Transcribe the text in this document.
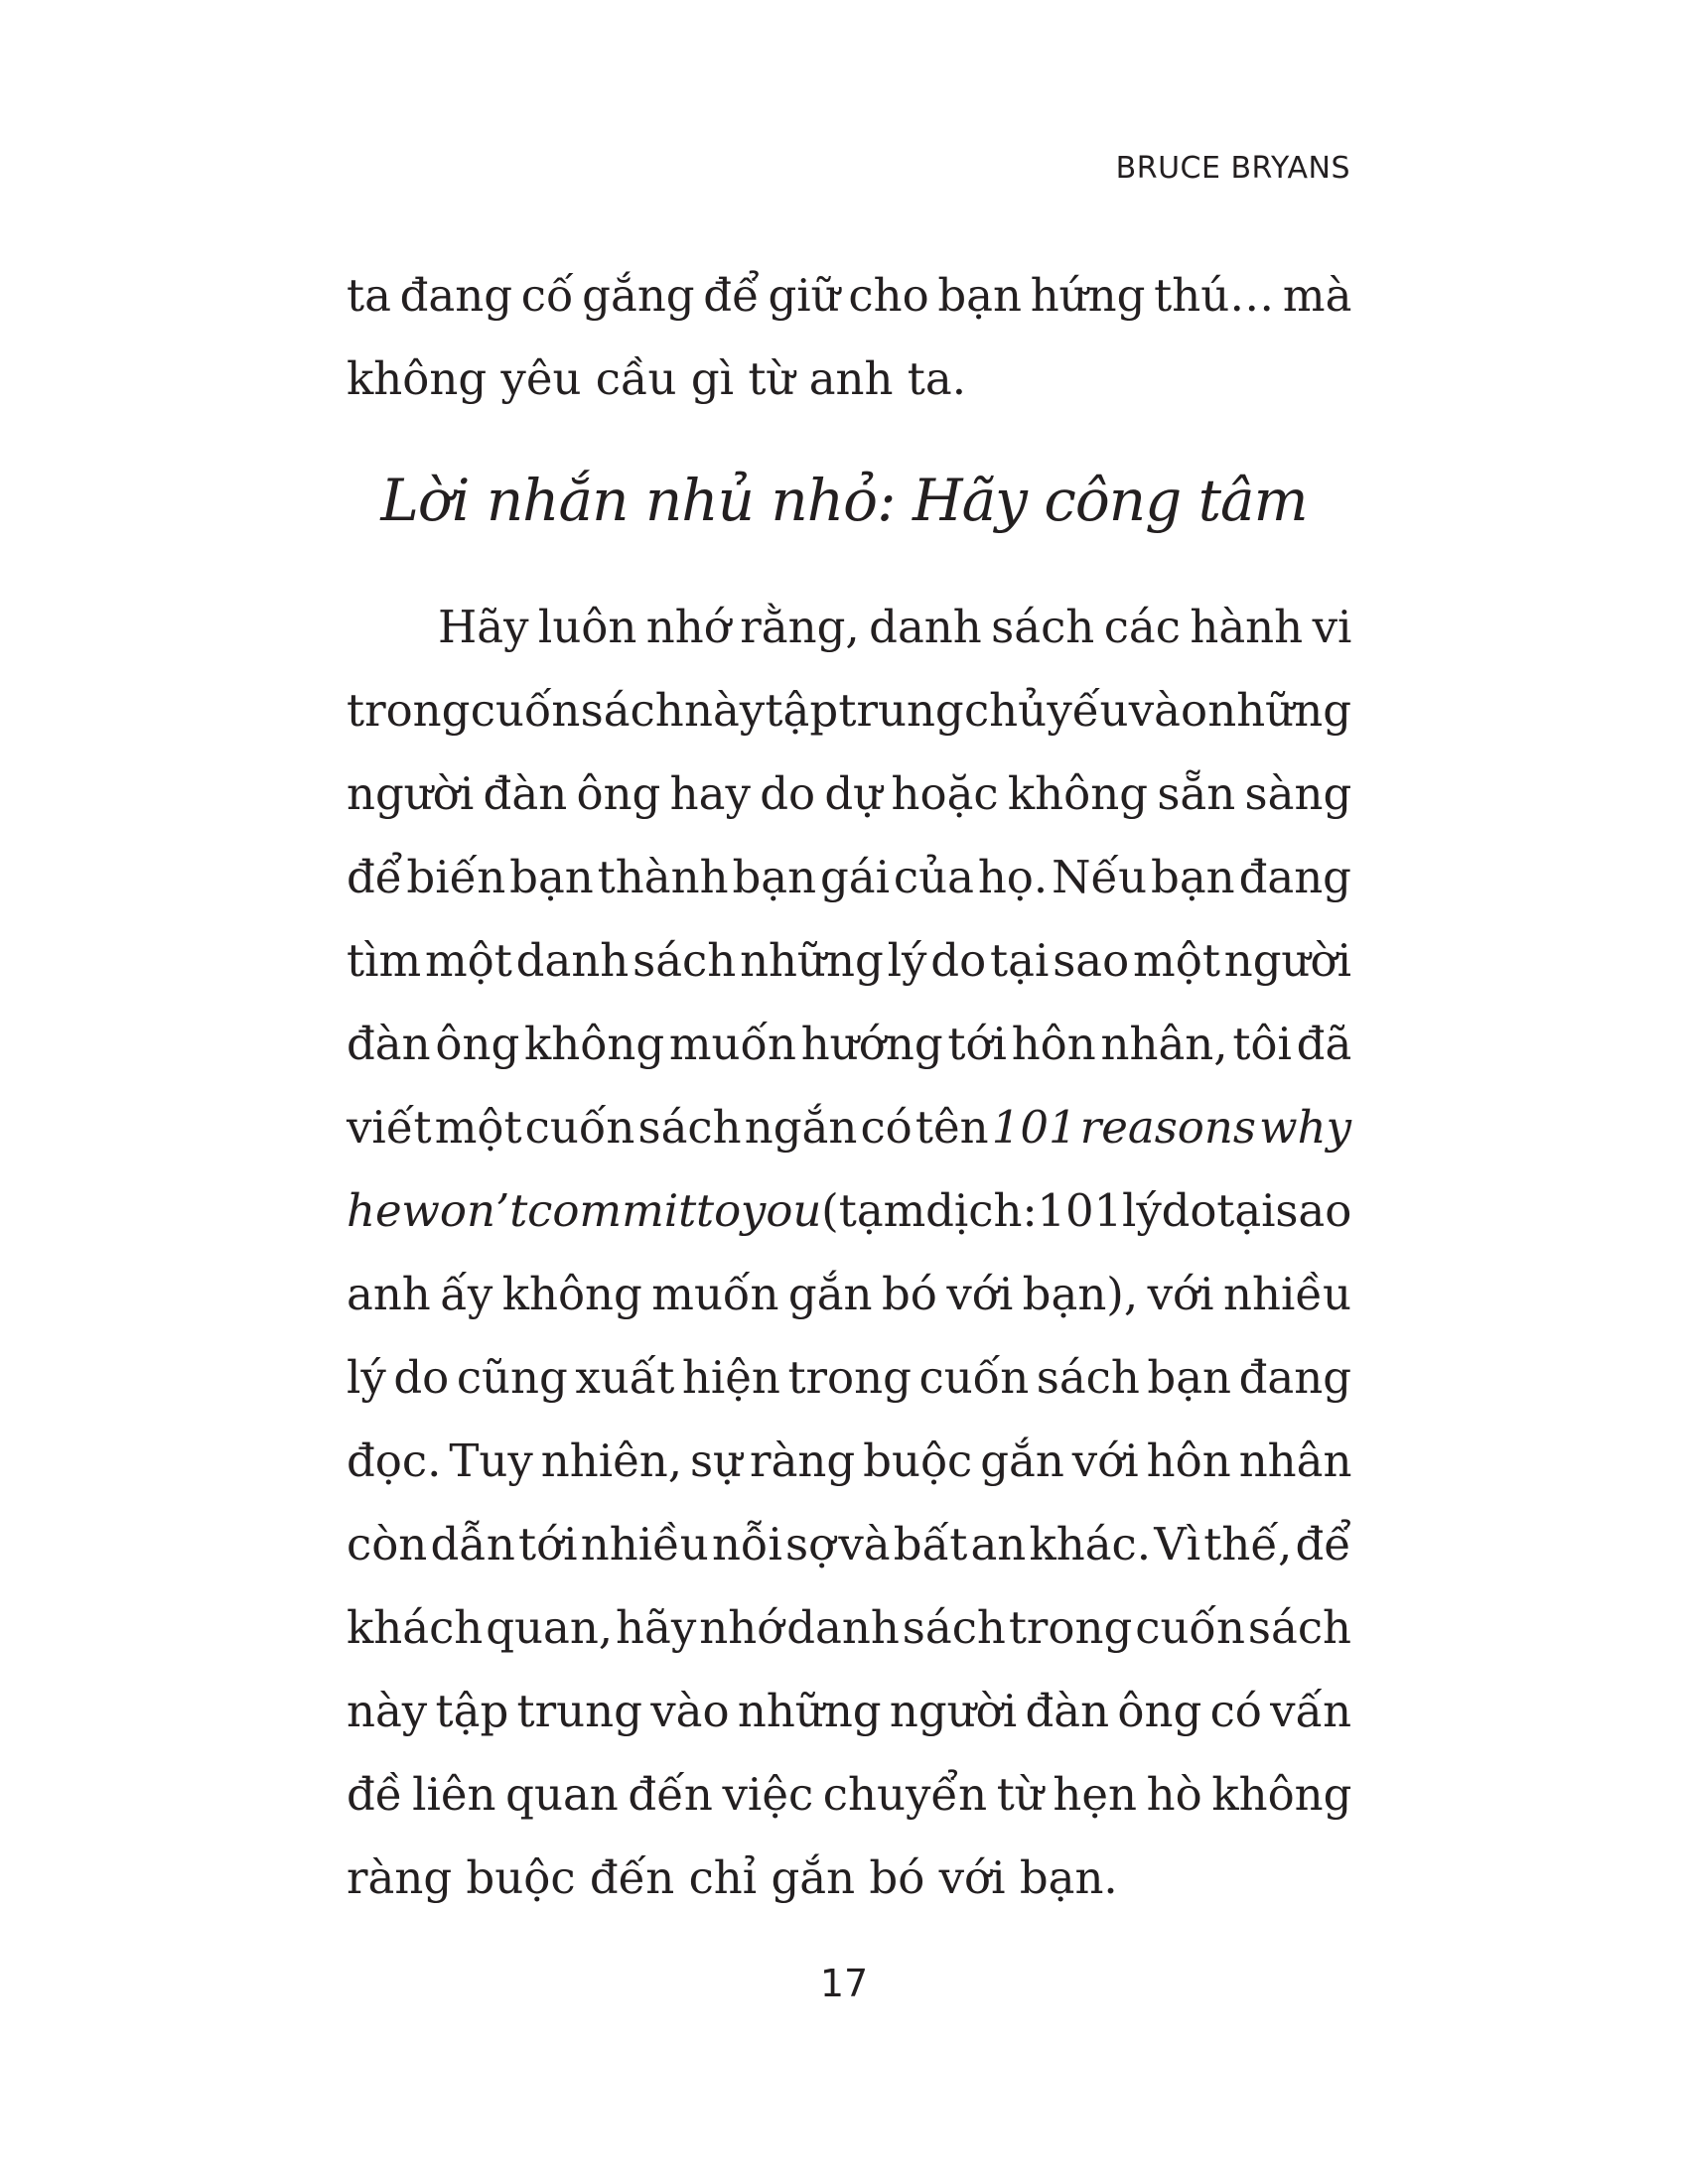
BRUCE BRYANS
ta đang cố gắng để giữ cho bạn hứng thú… mà
không yêu cầu gì từ anh ta.
Lời nhắn nhủ nhỏ: Hãy công tâm
Hãy luôn nhớ rằng, danh sách các hành vi
trong cuốn sách này tập trung chủ yếu vào những
người đàn ông hay do dự hoặc không sẵn sàng
để biến bạn thành bạn gái của họ. Nếu bạn đang
tìm một danh sách những lý do tại sao một người
đàn ông không muốn hướng tới hôn nhân, tôi đã
viết một cuốn sách ngắn có tên 101 reasons why
he won’t commit to you (tạm dịch: 101 lý do tại sao
anh ấy không muốn gắn bó với bạn), với nhiều
lý do cũng xuất hiện trong cuốn sách bạn đang
đọc. Tuy nhiên, sự ràng buộc gắn với hôn nhân
còn dẫn tới nhiều nỗi sợ và bất an khác. Vì thế, để
khách quan, hãy nhớ danh sách trong cuốn sách
này tập trung vào những người đàn ông có vấn
đề liên quan đến việc chuyển từ hẹn hò không
ràng buộc đến chỉ gắn bó với bạn.
17
